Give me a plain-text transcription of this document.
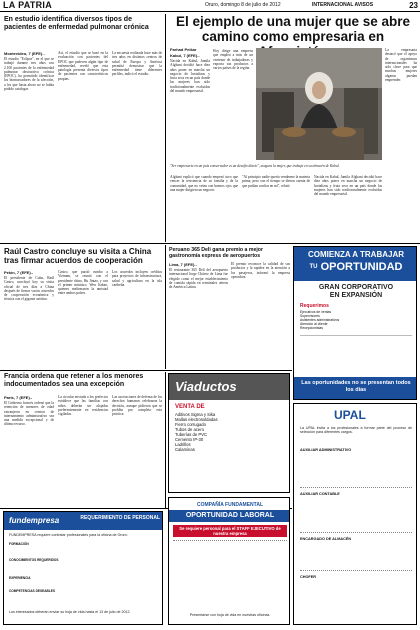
LA PATRIA	Oruro, domingo 8 de julio de 2012	INTERNACIONAL AVISOS	23
En estudio identifica diversos tipos de pacientes de enfermedad pulmonar crónica
Montevideo, 7 (EFE).-
El estudio "Eclipse", en el que se trabajó durante tres años con 2.100 pacientes de la enfermedad pulmonar obstructiva crónica (EPOC), ha permitido identificar los biomarcadores de la afección, a los que hasta ahora no se había podido catalogar.
Así, el estudio que se basó en la evaluación con pacientes del EPOC que padecen algún tipo de enfermedad, reveló que esta patología presenta diversos tipos de pacientes con características propias.
La encuesta realizada hace más de tres años en distintos centros de salud de Europa y América permitió demostrar que la enfermedad tiene diferentes perfiles, indicó el estudio.
El ejemplo de una mujer que se abre camino como empresaria en
Farhad Peikar
Kabul, 7 (EFE).-
Nacida en Kabul, Jamila Afghani decidió hace diez años poner en marcha un negocio de hortalizas y fruta seca en un país donde las mujeres han sido tradicionalmente excluidas del mundo empresarial.
Hoy dirige una empresa que emplea a más de un centenar de trabajadoras y exporta sus productos a varios países de la región.
La empresaria destacó que el apoyo de organismos internacionales ha sido clave para que muchas mujeres afganas puedan emprender.
"Ser empresaria en un país conservador es un desafío diario", asegura la mujer, que trabaja en su almacén de Kabul.
Afghani explicó que cuando empezó tuvo que vencer la resistencia de su familia y de la comunidad, que no veían con buenos ojos que una mujer dirigiera un negocio.
"Al principio nadie quería venderme la materia prima, pero con el tiempo se dieron cuenta de que podían confiar en mí", relató.
Nacida en Kabul, Jamila Afghani decidió hace diez años poner en marcha un negocio de hortalizas y fruta seca en un país donde las mujeres han sido tradicionalmente excluidas del mundo empresarial.
Raúl Castro concluye su visita a China tras firmar acuerdos de cooperación
Pekín, 7 (EFE).-
El presidente de Cuba, Raúl Castro, concluyó hoy su visita oficial de tres días a China después de firmar varios acuerdos de cooperación económica y técnica con el gigante asiático.
Castro, que partió rumbo a Vietnam, se reunió con el presidente chino, Hu Jintao, y con el primer ministro, Wen Jiabao, quienes reafirmaron la amistad entre ambos países.
Los acuerdos incluyen créditos para proyectos de infraestructura, salud y agricultura en la isla caribeña.
Peruano 365 Deli gana premio a mejor gastronomía express de aeropuertos
Lima, 7 (EFE).-
El restaurante 365 Deli del aeropuerto internacional Jorge Chávez de Lima fue elegido como el mejor establecimiento de comida rápida en terminales aéreas de América Latina.
El premio reconoce la calidad de sus productos y la rapidez en la atención a los pasajeros, informó la empresa operadora.
COMIENZA A TRABAJAR
TU OPORTUNIDAD
GRAN CORPORATIVO
EN EXPANSIÓN
Requerimos
Ejecutivos de ventas
Supervisores
Asistentes administrativos
Atención al cliente
Recepcionistas
Las oportunidades no se presentan todos los días
Francia ordena que retener a los menores indocumentados sea una excepción
París, 7 (EFE).-
El Gobierno francés ordenó que la retención de menores de edad extranjeros en centros de internamiento administrativo sea una medida excepcional y de último recurso.
La circular enviada a los prefectos establece que las familias con niños deberán ser alojadas preferentemente en residencias vigiladas.
Las asociaciones de defensa de los derechos humanos celebraron la decisión, aunque pidieron que se prohíba por completo esta práctica.
Viaductos
VENTA DE
Aditivos Sigma y Sika
Mallas electrosoldadas
Fierro corrugado
Tubos de acero
Tuberías de PVC
Cemento IP-30
Ladrillos
Calaminas
UPAL
La UPAL invita a los profesionales a formar parte del proceso de selección para diferentes cargos.
AUXILIAR ADMINISTRATIVO
AUXILIAR CONTABLE
ENCARGADO DE ALMACÉN
CHOFER
fundempresa	REQUERIMIENTO DE PERSONAL
FUNDEMPRESA requiere contratar profesionales para la oficina de Oruro:
FORMACIÓN
CONOCIMIENTOS REQUERIDOS
EXPERIENCIA
COMPETENCIAS DESEABLES
Los interesados deberán enviar su hoja de vida hasta el 13 de julio de 2012.
COMPAÑÍA FUNDAMENTAL
OPORTUNIDAD LABORAL
Se requiere personal para el STAFF EJECUTIVO de nuestra empresa
Presentarse con hoja de vida en nuestras oficinas.
